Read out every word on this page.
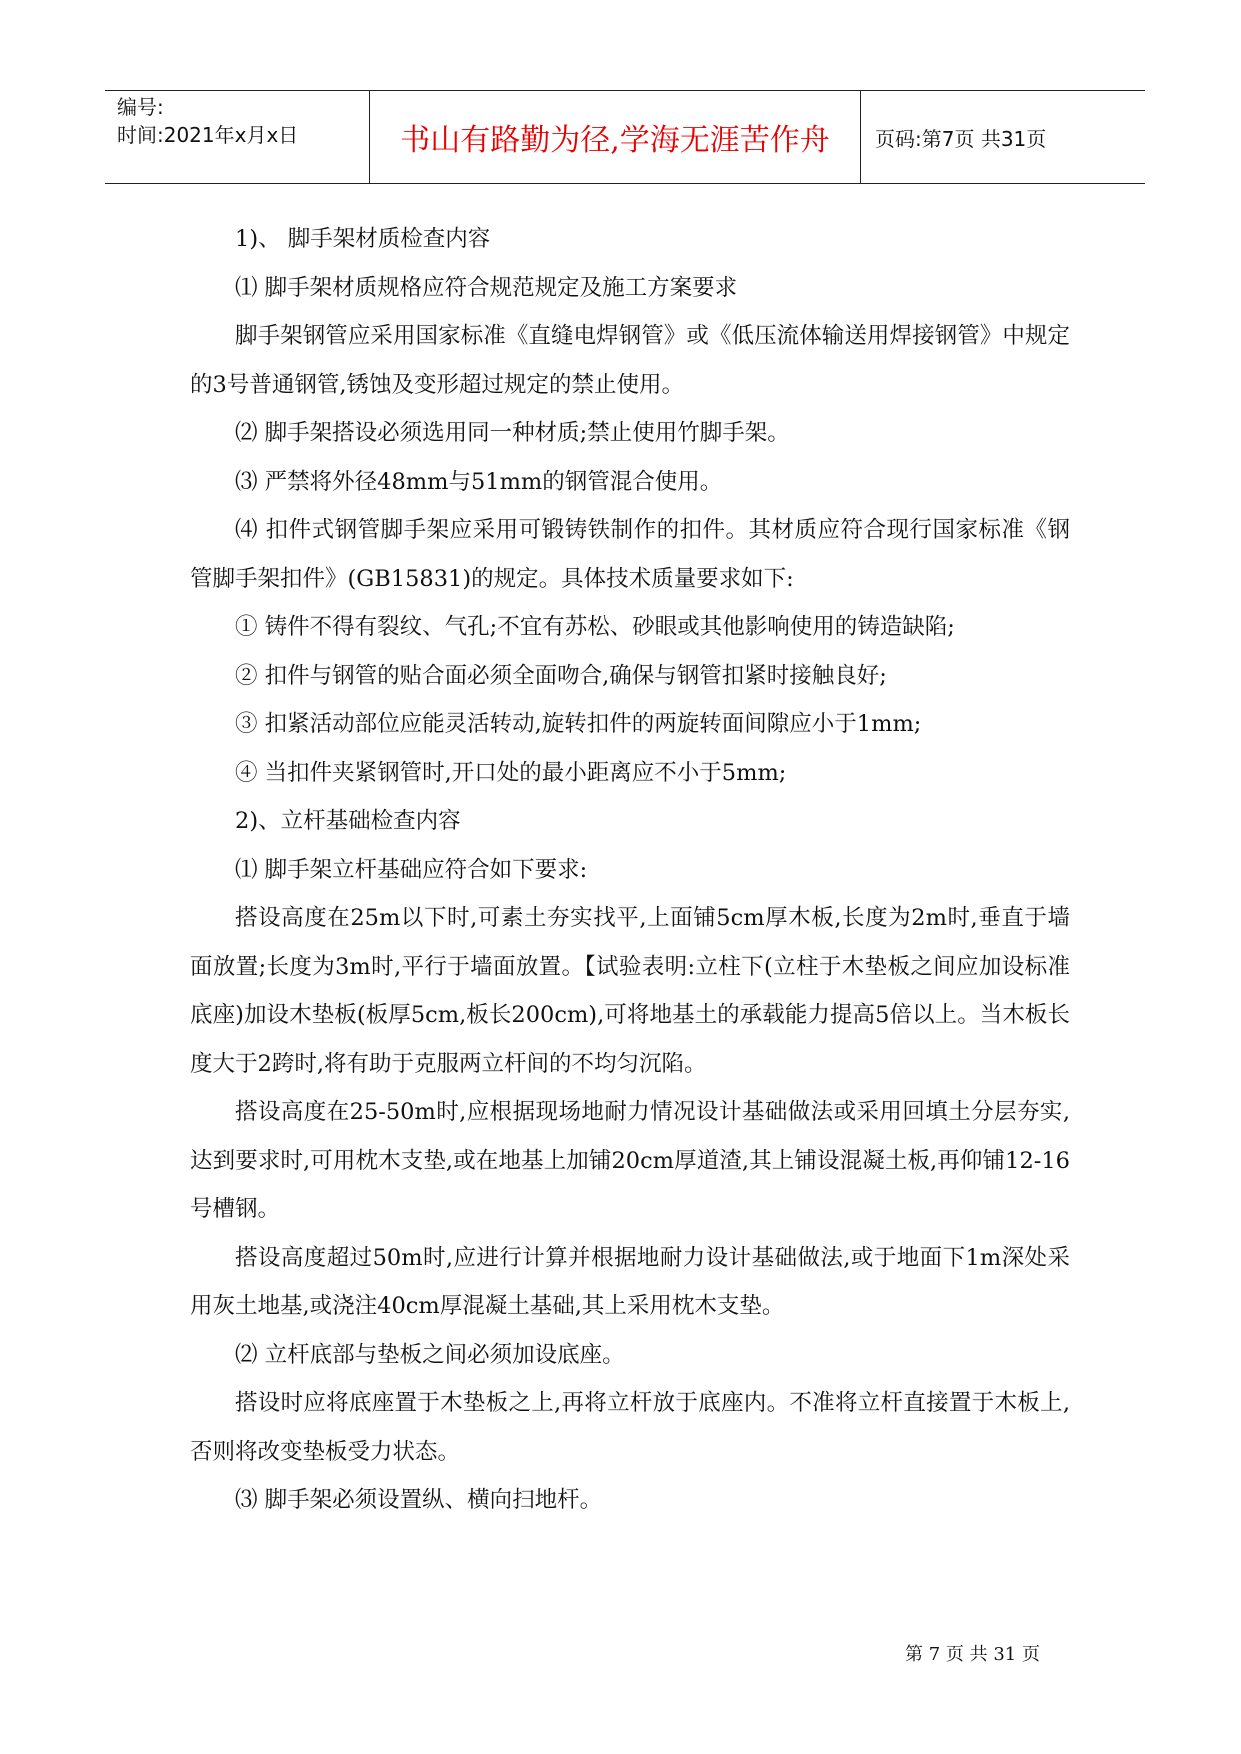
编号:
时间:2021年x月x日	书山有路勤为径,学海无涯苦作舟	页码:第7页 共31页

1)、 脚手架材质检查内容

⑴ 脚手架材质规格应符合规范规定及施工方案要求

脚手架钢管应采用国家标准《直缝电焊钢管》或《低压流体输送用焊接钢管》中规定的3号普通钢管,锈蚀及变形超过规定的禁止使用。

⑵ 脚手架搭设必须选用同一种材质;禁止使用竹脚手架。

⑶ 严禁将外径48mm与51mm的钢管混合使用。

⑷ 扣件式钢管脚手架应采用可锻铸铁制作的扣件。其材质应符合现行国家标准《钢管脚手架扣件》(GB15831)的规定。具体技术质量要求如下:

① 铸件不得有裂纹、气孔;不宜有苏松、砂眼或其他影响使用的铸造缺陷;

② 扣件与钢管的贴合面必须全面吻合,确保与钢管扣紧时接触良好;

③ 扣紧活动部位应能灵活转动,旋转扣件的两旋转面间隙应小于1mm;

④ 当扣件夹紧钢管时,开口处的最小距离应不小于5mm;

2)、立杆基础检查内容

⑴ 脚手架立杆基础应符合如下要求:

搭设高度在25m以下时,可素土夯实找平,上面铺5cm厚木板,长度为2m时,垂直于墙面放置;长度为3m时,平行于墙面放置。【试验表明:立柱下(立柱于木垫板之间应加设标准底座)加设木垫板(板厚5cm,板长200cm),可将地基土的承载能力提高5倍以上。当木板长度大于2跨时,将有助于克服两立杆间的不均匀沉陷。

搭设高度在25-50m时,应根据现场地耐力情况设计基础做法或采用回填土分层夯实,达到要求时,可用枕木支垫,或在地基上加铺20cm厚道渣,其上铺设混凝土板,再仰铺12-16号槽钢。

搭设高度超过50m时,应进行计算并根据地耐力设计基础做法,或于地面下1m深处采用灰土地基,或浇注40cm厚混凝土基础,其上采用枕木支垫。

⑵ 立杆底部与垫板之间必须加设底座。

搭设时应将底座置于木垫板之上,再将立杆放于底座内。不准将立杆直接置于木板上,否则将改变垫板受力状态。

⑶ 脚手架必须设置纵、横向扫地杆。

第 7 页 共 31 页
